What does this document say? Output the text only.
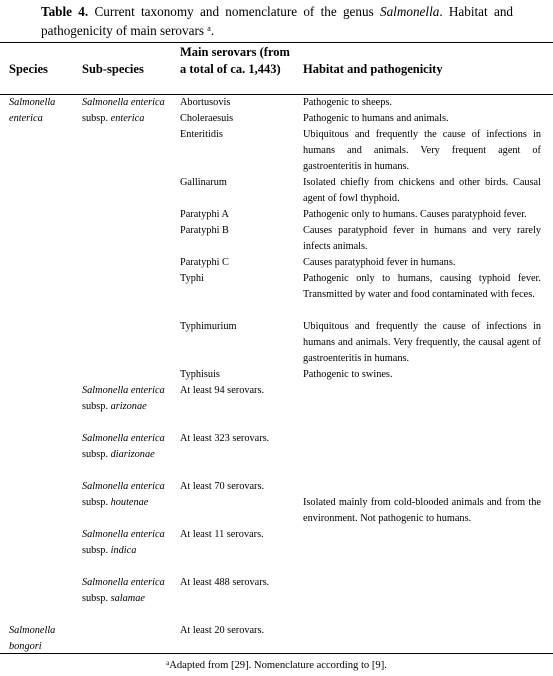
Table 4. Current taxonomy and nomenclature of the genus Salmonella. Habitat and pathogenicity of main serovars $^a$.
Species	Sub-species
Main serovars (from a total of ca. 1,443)	Habitat and pathogenicity
Salmonella enterica
Salmonella bongori
Salmonella enterica subsp. enterica
Salmonella enterica subsp. arizonae
Salmonella enterica subsp. diarizonae
Salmonella enterica subsp. houtenae
Salmonella enterica subsp. indica
Salmonella enterica subsp. salamae
Abortusovis
Choleraesuis
Enteritidis
Gallinarum
Paratyphi A
Paratyphi B
Paratyphi C
Typhi
Typhimurium
Typhisuis
At least 94 serovars.
At least 323 serovars.
At least 70 serovars.
At least 11 serovars.
At least 488 serovars.
At least 20 serovars.
Pathogenic to sheeps.
Pathogenic to humans and animals.
Ubiquitous and frequently the cause of infections in humans and animals. Very frequent agent of gastroenteritis in humans.
Isolated chiefly from chickens and other birds. Causal agent of fowl thyphoid.
Pathogenic only to humans. Causes paratyphoid fever.
Causes paratyphoid fever in humans and very rarely infects animals.
Causes paratyphoid fever in humans.
Pathogenic only to humans, causing typhoid fever. Transmitted by water and food contaminated with feces.
Ubiquitous and frequently the cause of infections in humans and animals. Very frequently, the causal agent of gastroenteritis in humans.
Pathogenic to swines.
Isolated mainly from cold-blooded animals and from the environment. Not pathogenic to humans.
$^a$Adapted from [29]. Nomenclature according to [9].
